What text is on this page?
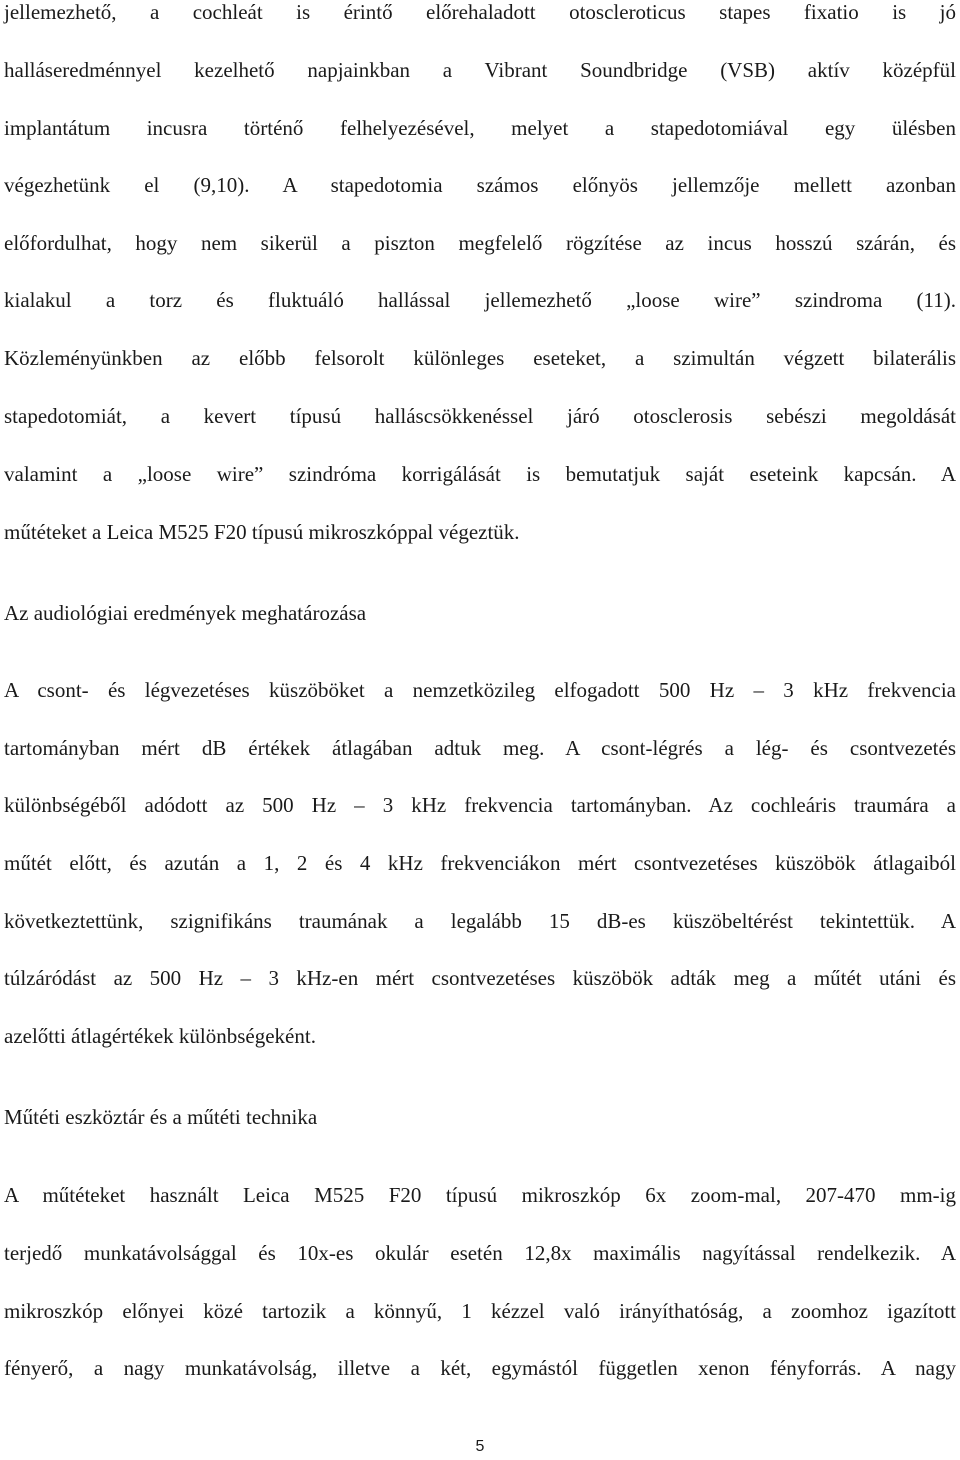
jellemezhető, a cochleát is érintő előrehaladott otoscleroticus stapes fixatio is jó
halláseredménnyel kezelhető napjainkban a Vibrant Soundbridge (VSB) aktív középfül
implantátum incusra történő felhelyezésével, melyet a stapedotomiával egy ülésben
végezhetünk el (9,10). A stapedotomia számos előnyös jellemzője mellett azonban
előfordulhat, hogy nem sikerül a piszton megfelelő rögzítése az incus hosszú szárán, és
kialakul a torz és fluktuáló hallással jellemezhető „loose wire” szindroma (11).
Közleményünkben az előbb felsorolt különleges eseteket, a szimultán végzett bilaterális
stapedotomiát, a kevert típusú halláscsökkenéssel járó otosclerosis sebészi megoldását
valamint a „loose wire” szindróma korrigálását is bemutatjuk saját eseteink kapcsán. A
műtéteket a Leica M525 F20 típusú mikroszkóppal végeztük.
Az audiológiai eredmények meghatározása
A csont- és légvezetéses küszöböket a nemzetközileg elfogadott 500 Hz – 3 kHz frekvencia
tartományban mért dB értékek átlagában adtuk meg. A csont-légrés a lég- és csontvezetés
különbségéből adódott az 500 Hz – 3 kHz frekvencia tartományban. Az cochleáris traumára a
műtét előtt, és azután a 1, 2 és 4 kHz frekvenciákon mért csontvezetéses küszöbök átlagaiból
következtettünk, szignifikáns traumának a legalább 15 dB-es küszöbeltérést tekintettük. A
túlzáródást az 500 Hz – 3 kHz-en mért csontvezetéses küszöbök adták meg a műtét utáni és
azelőtti átlagértékek különbségeként.
Műtéti eszköztár és a műtéti technika
A műtéteket használt Leica M525 F20 típusú mikroszkóp 6x zoom-mal, 207-470 mm-ig
terjedő munkatávolsággal és 10x-es okulár esetén 12,8x maximális nagyítással rendelkezik. A
mikroszkóp előnyei közé tartozik a könnyű, 1 kézzel való irányíthatóság, a zoomhoz igazított
fényerő, a nagy munkatávolság, illetve a két, egymástól független xenon fényforrás. A nagy
5
